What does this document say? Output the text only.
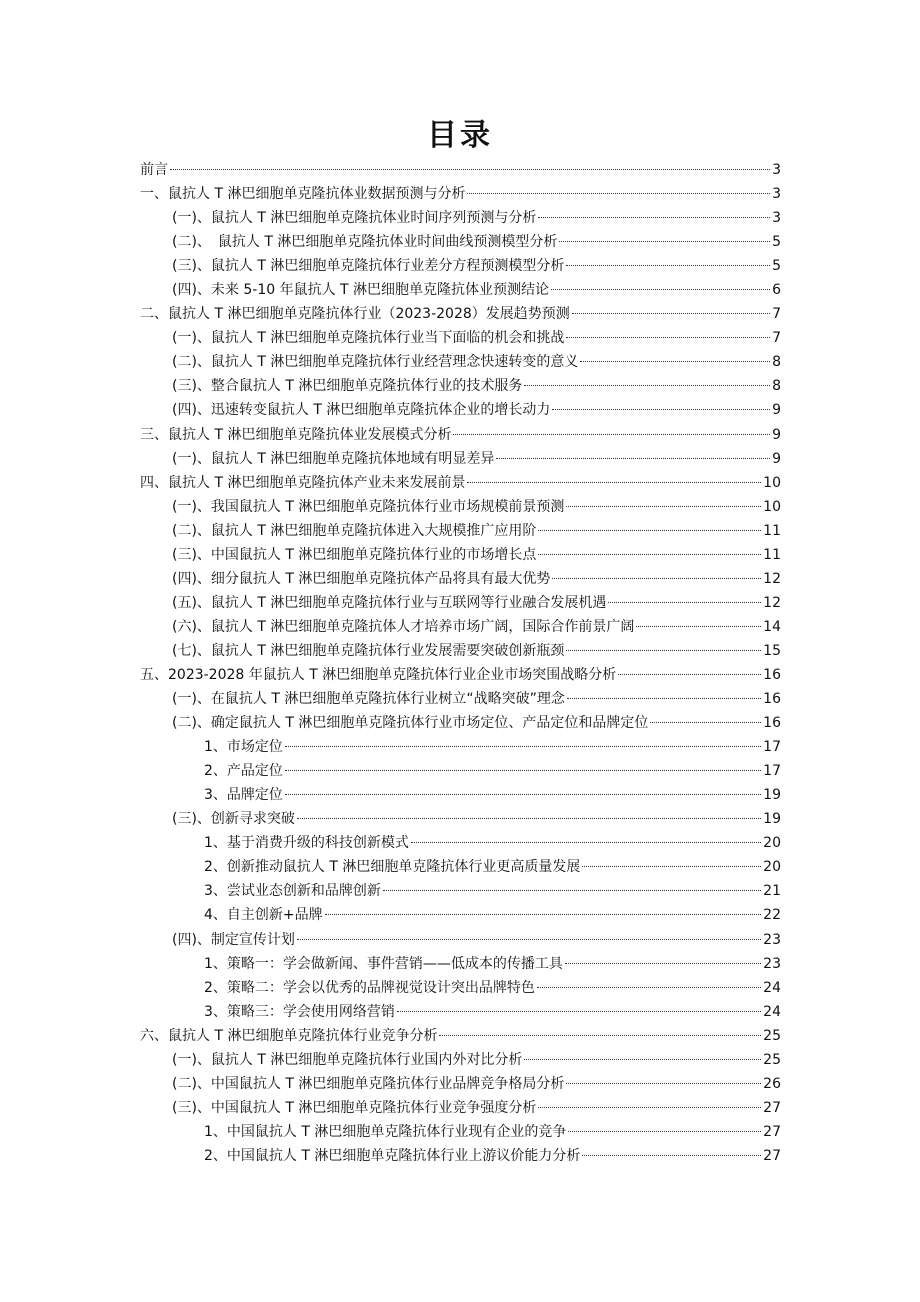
目录
前言	3
一、鼠抗人 T 淋巴细胞单克隆抗体业数据预测与分析	3
(一)、鼠抗人 T 淋巴细胞单克隆抗体业时间序列预测与分析	3
(二)、　鼠抗人 T 淋巴细胞单克隆抗体业时间曲线预测模型分析	5
(三)、鼠抗人 T 淋巴细胞单克隆抗体行业差分方程预测模型分析	5
(四)、未来 5-10 年鼠抗人 T 淋巴细胞单克隆抗体业预测结论	6
二、鼠抗人 T 淋巴细胞单克隆抗体行业（2023-2028）发展趋势预测	7
(一)、鼠抗人 T 淋巴细胞单克隆抗体行业当下面临的机会和挑战	7
(二)、鼠抗人 T 淋巴细胞单克隆抗体行业经营理念快速转变的意义	8
(三)、整合鼠抗人 T 淋巴细胞单克隆抗体行业的技术服务	8
(四)、迅速转变鼠抗人 T 淋巴细胞单克隆抗体企业的增长动力	9
三、鼠抗人 T 淋巴细胞单克隆抗体业发展模式分析	9
(一)、鼠抗人 T 淋巴细胞单克隆抗体地域有明显差异	9
四、鼠抗人 T 淋巴细胞单克隆抗体产业未来发展前景	10
(一)、我国鼠抗人 T 淋巴细胞单克隆抗体行业市场规模前景预测	10
(二)、鼠抗人 T 淋巴细胞单克隆抗体进入大规模推广应用阶	11
(三)、中国鼠抗人 T 淋巴细胞单克隆抗体行业的市场增长点	11
(四)、细分鼠抗人 T 淋巴细胞单克隆抗体产品将具有最大优势	12
(五)、鼠抗人 T 淋巴细胞单克隆抗体行业与互联网等行业融合发展机遇	12
(六)、鼠抗人 T 淋巴细胞单克隆抗体人才培养市场广阔，国际合作前景广阔	14
(七)、鼠抗人 T 淋巴细胞单克隆抗体行业发展需要突破创新瓶颈	15
五、2023-2028 年鼠抗人 T 淋巴细胞单克隆抗体行业企业市场突围战略分析	16
(一)、在鼠抗人 T 淋巴细胞单克隆抗体行业树立“战略突破”理念	16
(二)、确定鼠抗人 T 淋巴细胞单克隆抗体行业市场定位、产品定位和品牌定位	16
1、市场定位	17
2、产品定位	17
3、品牌定位	19
(三)、创新寻求突破	19
1、基于消费升级的科技创新模式	20
2、创新推动鼠抗人 T 淋巴细胞单克隆抗体行业更高质量发展	20
3、尝试业态创新和品牌创新	21
4、自主创新+品牌	22
(四)、制定宣传计划	23
1、策略一：学会做新闻、事件营销——低成本的传播工具	23
2、策略二：学会以优秀的品牌视觉设计突出品牌特色	24
3、策略三：学会使用网络营销	24
六、鼠抗人 T 淋巴细胞单克隆抗体行业竞争分析	25
(一)、鼠抗人 T 淋巴细胞单克隆抗体行业国内外对比分析	25
(二)、中国鼠抗人 T 淋巴细胞单克隆抗体行业品牌竞争格局分析	26
(三)、中国鼠抗人 T 淋巴细胞单克隆抗体行业竞争强度分析	27
1、中国鼠抗人 T 淋巴细胞单克隆抗体行业现有企业的竞争	27
2、中国鼠抗人 T 淋巴细胞单克隆抗体行业上游议价能力分析	27
